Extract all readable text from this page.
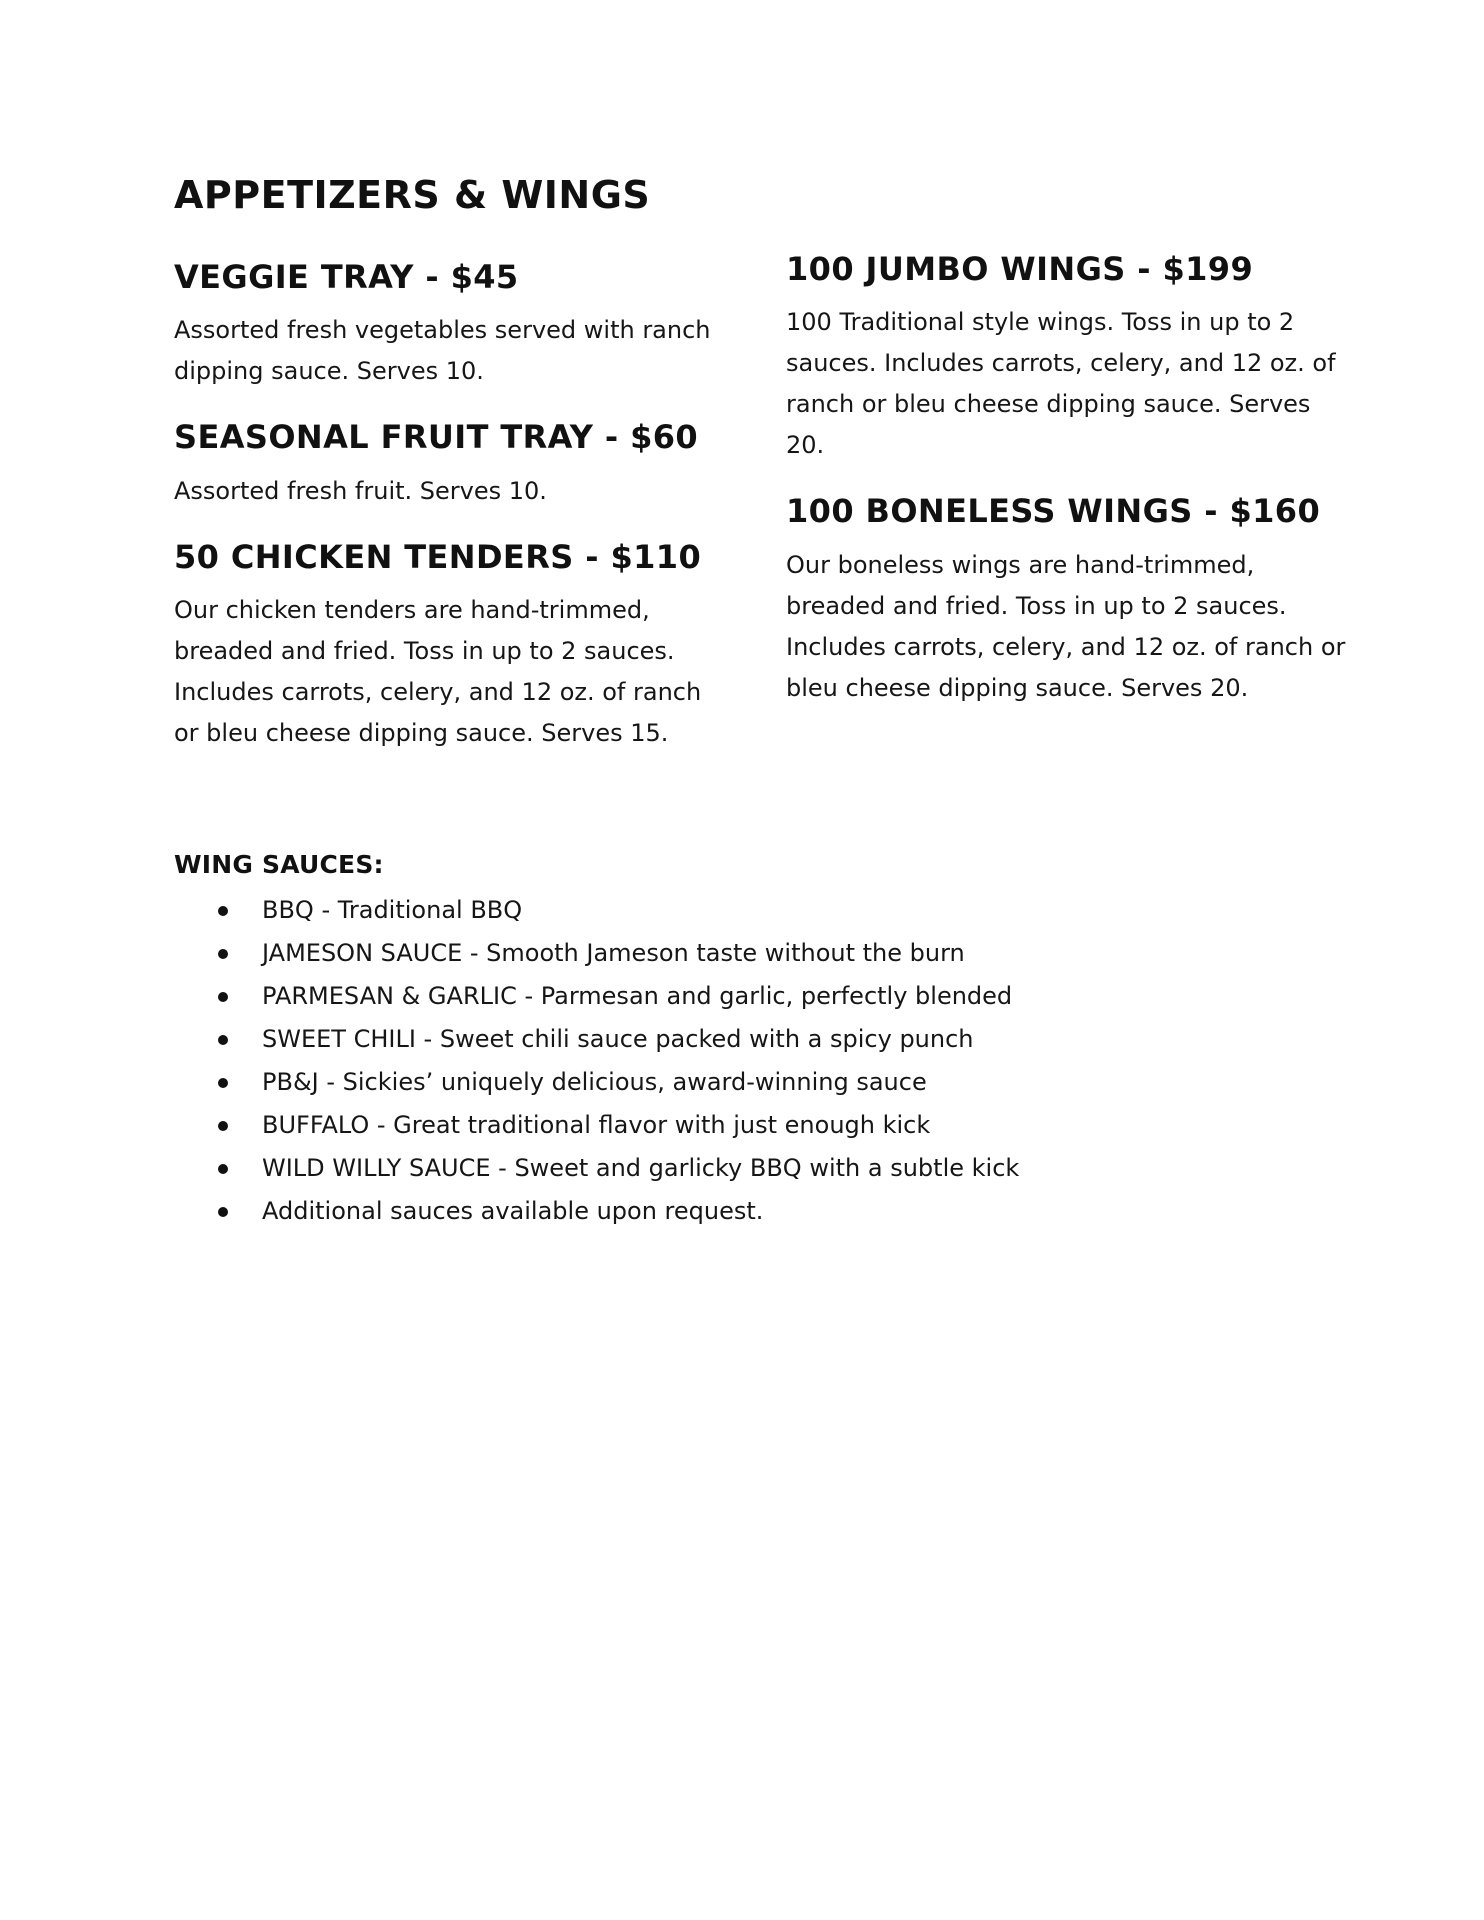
APPETIZERS & WINGS
VEGGIE TRAY - $45

Assorted fresh vegetables served with ranch dipping sauce. Serves 10.

SEASONAL FRUIT TRAY - $60

Assorted fresh fruit. Serves 10.

50 CHICKEN TENDERS - $110

Our chicken tenders are hand-trimmed, breaded and fried. Toss in up to 2 sauces. Includes carrots, celery, and 12 oz. of ranch or bleu cheese dipping sauce. Serves 15.

100 JUMBO WINGS - $199

100 Traditional style wings. Toss in up to 2 sauces. Includes carrots, celery, and 12 oz. of ranch or bleu cheese dipping sauce. Serves 20.

100 BONELESS WINGS - $160

Our boneless wings are hand-trimmed, breaded and fried. Toss in up to 2 sauces. Includes carrots, celery, and 12 oz. of ranch or bleu cheese dipping sauce. Serves 20.

WING SAUCES:
BBQ - Traditional BBQ
JAMESON SAUCE - Smooth Jameson taste without the burn
PARMESAN & GARLIC - Parmesan and garlic, perfectly blended
SWEET CHILI - Sweet chili sauce packed with a spicy punch
PB&J - Sickies’ uniquely delicious, award-winning sauce
BUFFALO - Great traditional flavor with just enough kick
WILD WILLY SAUCE - Sweet and garlicky BBQ with a subtle kick
Additional sauces available upon request.
